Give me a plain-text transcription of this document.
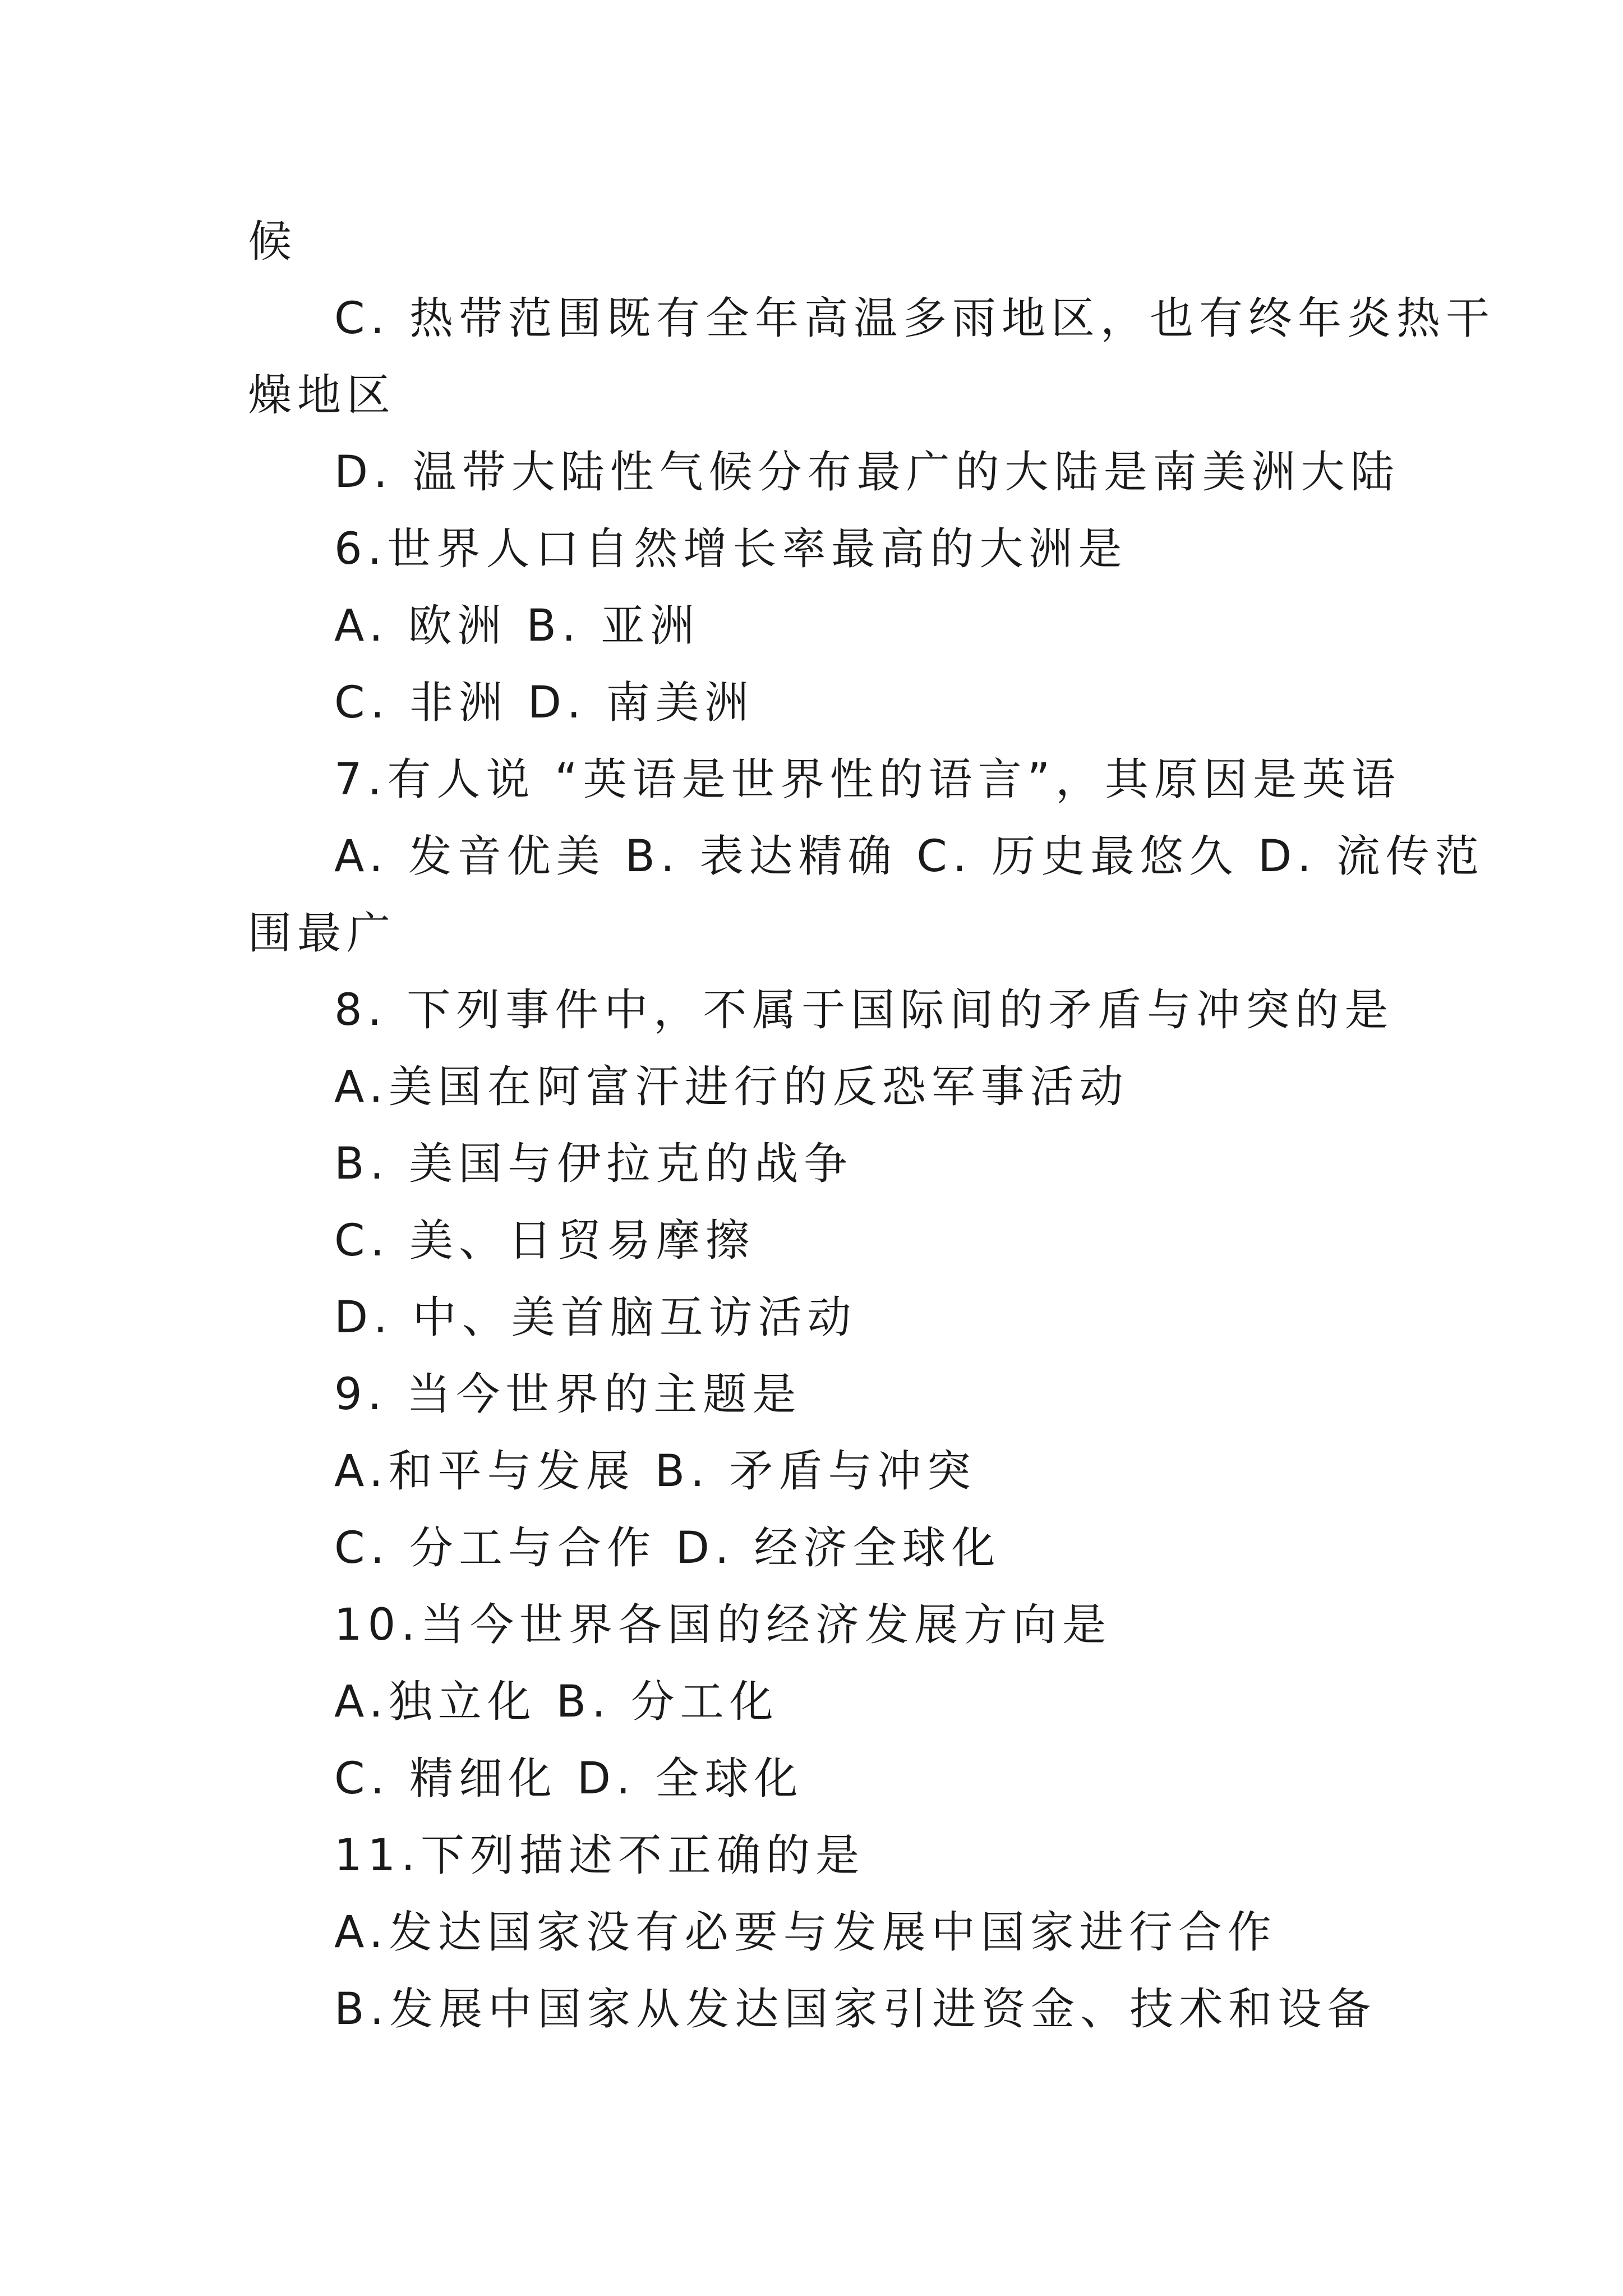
候
C. 热带范围既有全年高温多雨地区，也有终年炎热干
燥地区
D. 温带大陆性气候分布最广的大陆是南美洲大陆
6.世界人口自然增长率最高的大洲是
A. 欧洲 B. 亚洲
C. 非洲 D. 南美洲
7.有人说 “英语是世界性的语言”，其原因是英语
A. 发音优美 B. 表达精确 C. 历史最悠久 D. 流传范
围最广
8. 下列事件中，不属于国际间的矛盾与冲突的是
A.美国在阿富汗进行的反恐军事活动
B. 美国与伊拉克的战争
C. 美、日贸易摩擦
D. 中、美首脑互访活动
9. 当今世界的主题是
A.和平与发展 B. 矛盾与冲突
C. 分工与合作 D. 经济全球化
10.当今世界各国的经济发展方向是
A.独立化 B. 分工化
C. 精细化 D. 全球化
11.下列描述不正确的是
A.发达国家没有必要与发展中国家进行合作
B.发展中国家从发达国家引进资金、技术和设备
